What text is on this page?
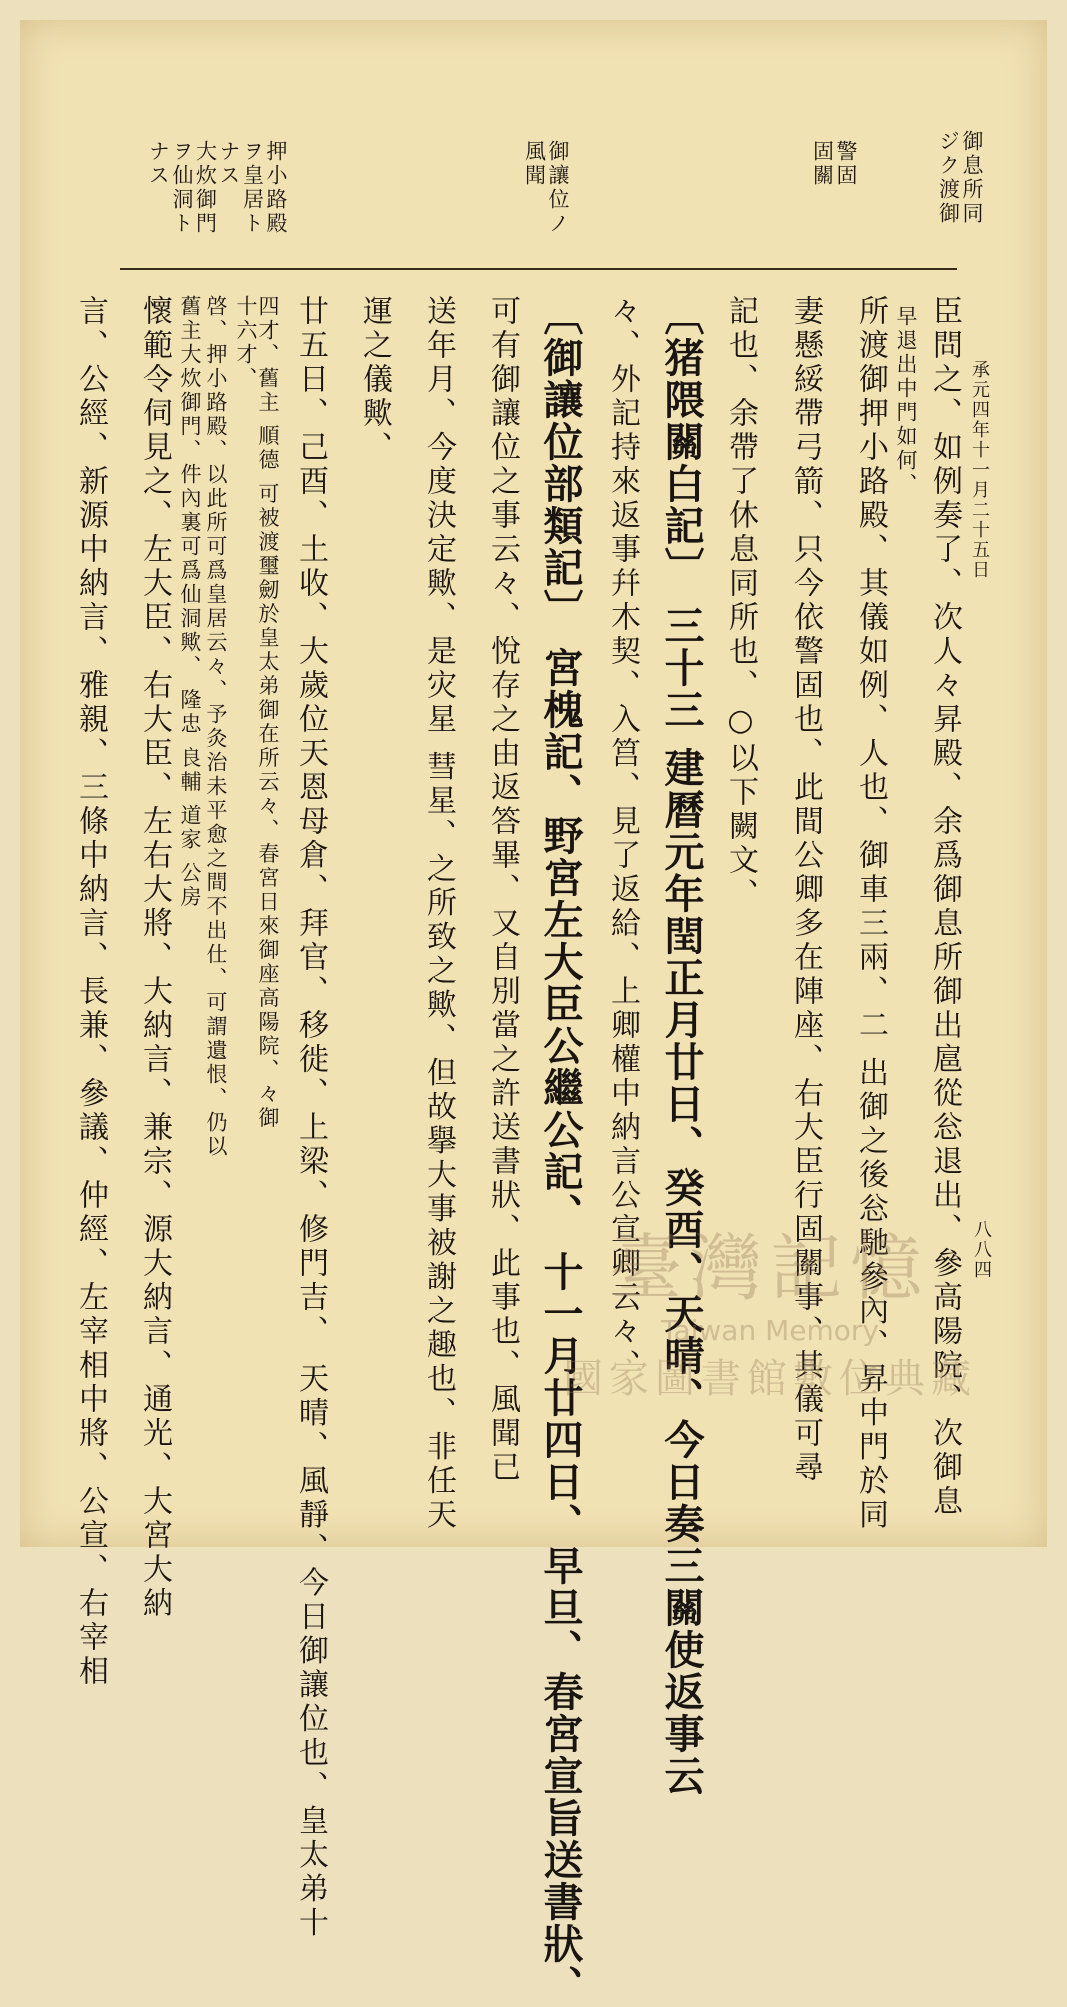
承元四年十一月二十五日
八八四
御息所同
ジク渡御
警固
固關
御讓位ノ
風聞
押小路殿
ヲ皇居ト
ナス
大炊御門
ヲ仙洞ト
ナス
臣問之、如例奏了、次人々昇殿、余爲御息所御出扈從忩退出、參高陽院、次御息
早退出中門如何、
所渡御押小路殿、其儀如例、人也、御車三兩、二 出御之後忩馳參內、昇中門於同
妻懸綏帶弓箭、只今依警固也、此間公卿多在陣座、右大臣行固關事、其儀可尋
記也、余帶了休息同所也、○以下闕文、
〔猪隈關白記〕 三十三 建曆元年閏正月廿日、癸酉、天晴、今日奏三關使返事云
々、外記持來返事幷木契、入筥、見了返給、上卿權中納言公宣卿云々、
〔御讓位部類記〕 宮槐記、野宮左大臣公繼公記、 十一月廿四日、早旦、春宮宣旨送書狀、
可有御讓位之事云々、悅存之由返答畢、又自別當之許送書狀、此事也、風聞已
送年月、今度決定歟、是灾星 彗星、之所致之歟、但故擧大事被謝之趣也、非任天
運之儀歟、
廿五日、己酉、土收、大歲位天恩母倉、拜官、移徙、上梁、修門吉、 天晴、風靜、今日御讓位也、皇太弟十
四才、舊主 順德 可被渡璽劒於皇太弟御在所云々、春宮日來御座高陽院、々御
十六才、
啓、押小路殿、以此所可爲皇居云々、予灸治未平愈之間不出仕、可謂遺恨、仍以
舊主大炊御門、件內裏可爲仙洞歟、 隆忠 良輔 道家 公房
懷範令伺見之、左大臣、右大臣、左右大將、大納言、兼宗、源大納言、通光、大宮大納
言、公經、新源中納言、雅親、三條中納言、長兼、參議、仲經、左宰相中將、公宣、右宰相	臺灣記憶
Taiwan Memory
國家圖書館數位典藏
